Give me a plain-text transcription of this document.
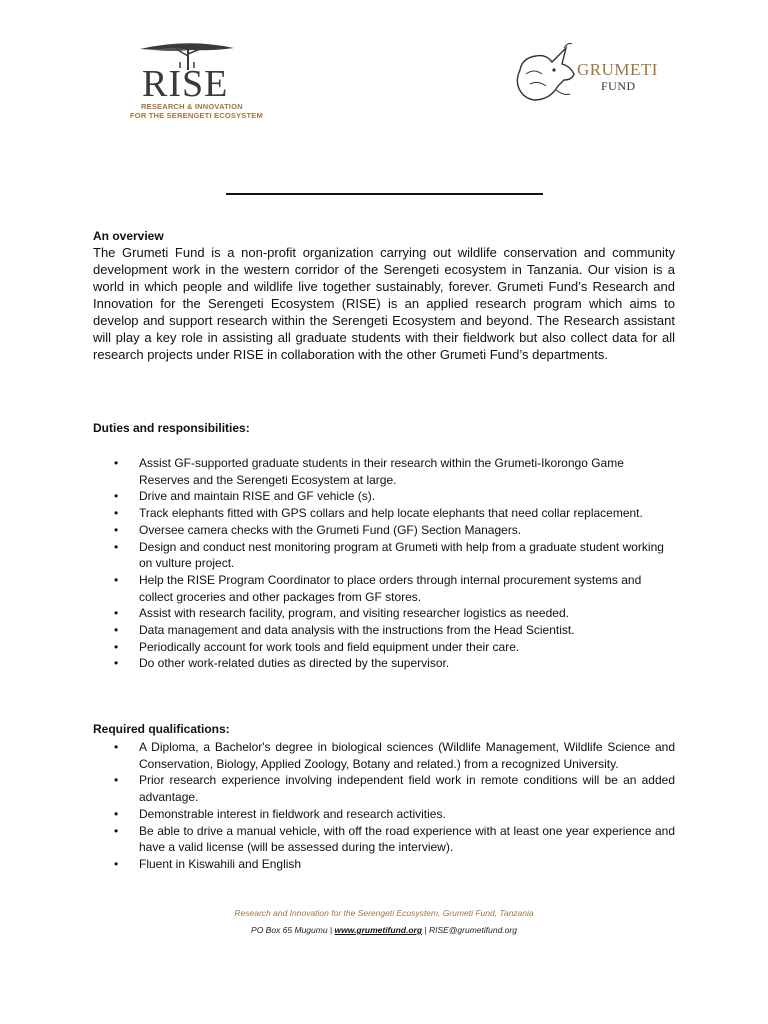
RISE
RESEARCH & INNOVATION
FOR THE SERENGETI ECOSYSTEM
GRUMETI
FUND
An overview

The Grumeti Fund is a non-profit organization carrying out wildlife conservation and community development work in the western corridor of the Serengeti ecosystem in Tanzania. Our vision is a world in which people and wildlife live together sustainably, forever. Grumeti Fund’s Research and Innovation for the Serengeti Ecosystem (RISE) is an applied research program which aims to develop and support research within the Serengeti Ecosystem and beyond. The Research assistant will play a key role in assisting all graduate students with their fieldwork but also collect data for all research projects under RISE in collaboration with the other Grumeti Fund’s departments.

Duties and responsibilities:
• Assist GF-supported graduate students in their research within the Grumeti-Ikorongo Game Reserves and the Serengeti Ecosystem at large.
• Drive and maintain RISE and GF vehicle (s).
• Track elephants fitted with GPS collars and help locate elephants that need collar replacement.
• Oversee camera checks with the Grumeti Fund (GF) Section Managers.
• Design and conduct nest monitoring program at Grumeti with help from a graduate student working on vulture project.
• Help the RISE Program Coordinator to place orders through internal procurement systems and collect groceries and other packages from GF stores.
• Assist with research facility, program, and visiting researcher logistics as needed.
• Data management and data analysis with the instructions from the Head Scientist.
• Periodically account for work tools and field equipment under their care.
• Do other work-related duties as directed by the supervisor.
Required qualifications:
• A Diploma, a Bachelor's degree in biological sciences (Wildlife Management, Wildlife Science and Conservation, Biology, Applied Zoology, Botany and related.) from a recognized University.
• Prior research experience involving independent field work in remote conditions will be an added advantage.
• Demonstrable interest in fieldwork and research activities.
• Be able to drive a manual vehicle, with off the road experience with at least one year experience and have a valid license (will be assessed during the interview).
• Fluent in Kiswahili and English
Research and Innovation for the Serengeti Ecosystem, Grumeti Fund, Tanzania
PO Box 65 Mugumu | www.grumetifund.org | RISE@grumetifund.org
